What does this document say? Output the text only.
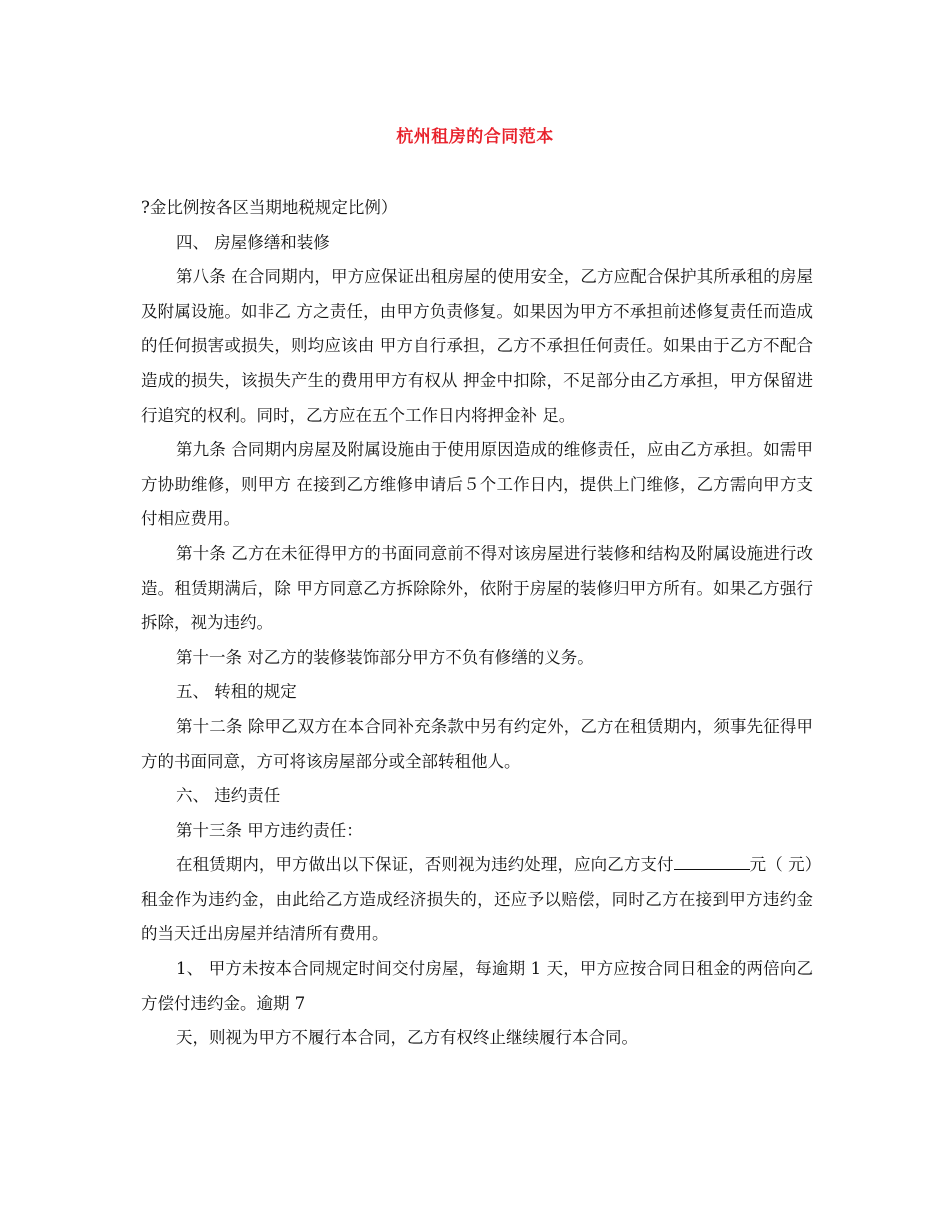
杭州租房的合同范本

?金比例按各区当期地税规定比例）

四、 房屋修缮和装修

第八条 在合同期内，甲方应保证出租房屋的使用安全，乙方应配合保护其所承租的房屋及附属设施。如非乙 方之责任，由甲方负责修复。如果因为甲方不承担前述修复责任而造成的任何损害或损失，则均应该由 甲方自行承担，乙方不承担任何责任。如果由于乙方不配合造成的损失，该损失产生的费用甲方有权从 押金中扣除，不足部分由乙方承担，甲方保留进行追究的权利。同时，乙方应在五个工作日内将押金补 足。

第九条 合同期内房屋及附属设施由于使用原因造成的维修责任，应由乙方承担。如需甲方协助维修，则甲方 在接到乙方维修申请后５个工作日内，提供上门维修，乙方需向甲方支付相应费用。

第十条 乙方在未征得甲方的书面同意前不得对该房屋进行装修和结构及附属设施进行改造。租赁期满后，除 甲方同意乙方拆除除外，依附于房屋的装修归甲方所有。如果乙方强行拆除，视为违约。

第十一条 对乙方的装修装饰部分甲方不负有修缮的义务。

五、 转租的规定

第十二条 除甲乙双方在本合同补充条款中另有约定外，乙方在租赁期内，须事先征得甲方的书面同意，方可将该房屋部分或全部转租他人。

六、 违约责任

第十三条 甲方违约责任：

在租赁期内，甲方做出以下保证，否则视为违约处理，应向乙方支付	元（ 元）租金作为违约金，由此给乙方造成经济损失的，还应予以赔偿，同时乙方在接到甲方违约金的当天迁出房屋并结清所有费用。

1、 甲方未按本合同规定时间交付房屋，每逾期 1 天，甲方应按合同日租金的两倍向乙方偿付违约金。逾期 7

天，则视为甲方不履行本合同，乙方有权终止继续履行本合同。
